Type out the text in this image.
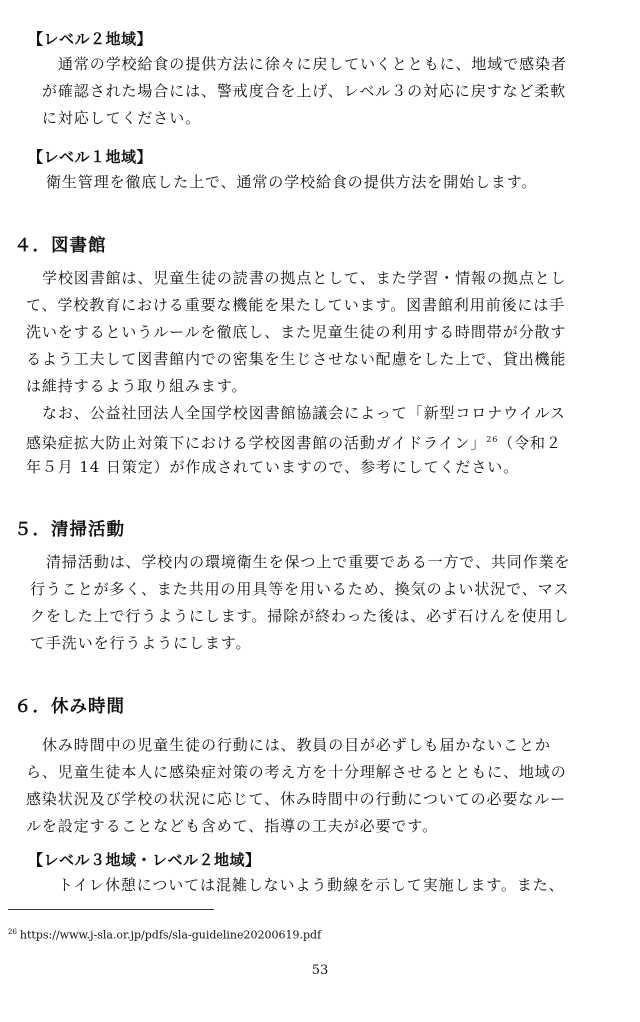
【レベル２地域】
通常の学校給食の提供方法に徐々に戻していくとともに、地域で感染者
が確認された場合には、警戒度合を上げ、レベル３の対応に戻すなど柔軟
に対応してください。
【レベル１地域】
衛生管理を徹底した上で、通常の学校給食の提供方法を開始します。
４．図書館
学校図書館は、児童生徒の読書の拠点として、また学習・情報の拠点とし
て、学校教育における重要な機能を果たしています。図書館利用前後には手
洗いをするというルールを徹底し、また児童生徒の利用する時間帯が分散す
るよう工夫して図書館内での密集を生じさせない配慮をした上で、貸出機能
は維持するよう取り組みます。
なお、公益社団法人全国学校図書館協議会によって「新型コロナウイルス
感染症拡大防止対策下における学校図書館の活動ガイドライン」$^{26}$（令和２
年５月 14 日策定）が作成されていますので、参考にしてください。
５．清掃活動
清掃活動は、学校内の環境衛生を保つ上で重要である一方で、共同作業を
行うことが多く、また共用の用具等を用いるため、換気のよい状況で、マス
クをした上で行うようにします。掃除が終わった後は、必ず石けんを使用し
て手洗いを行うようにします。
６．休み時間
休み時間中の児童生徒の行動には、教員の目が必ずしも届かないことか
ら、児童生徒本人に感染症対策の考え方を十分理解させるとともに、地域の
感染状況及び学校の状況に応じて、休み時間中の行動についての必要なルー
ルを設定することなども含めて、指導の工夫が必要です。
【レベル３地域・レベル２地域】
トイレ休憩については混雑しないよう動線を示して実施します。また、
$^{26}$ https://www.j-sla.or.jp/pdfs/sla-guideline20200619.pdf
53
